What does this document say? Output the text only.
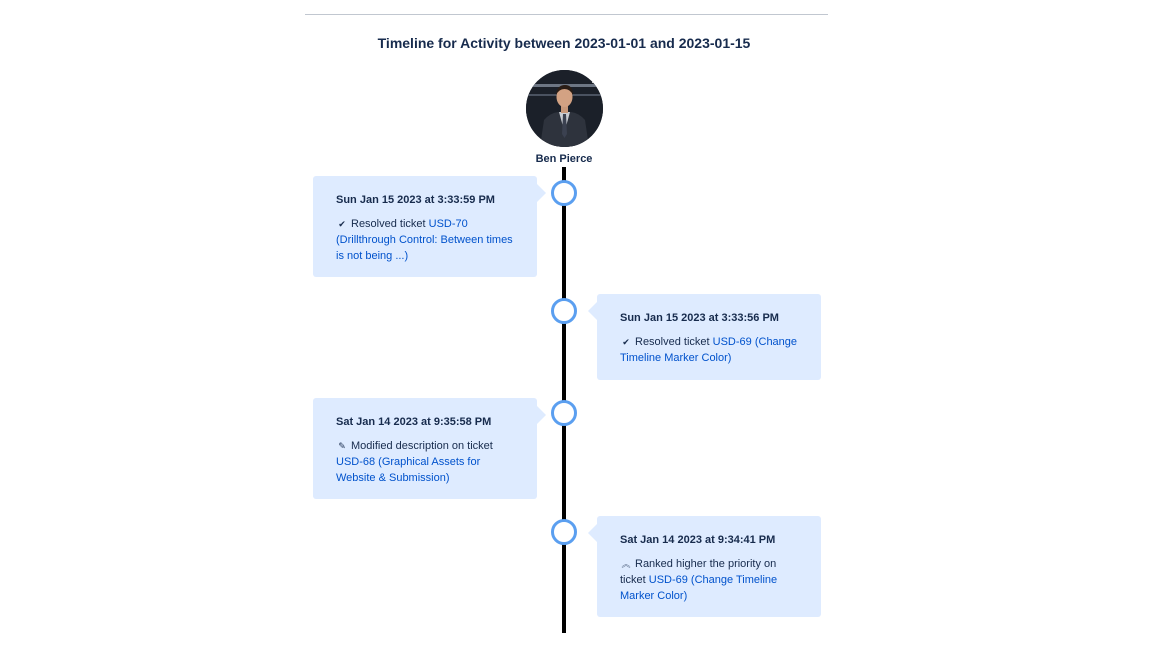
Timeline for Activity between 2023-01-01 and 2023-01-15
Ben Pierce
Sun Jan 15 2023 at 3:33:59 PM
✔ Resolved ticket USD-70 (Drillthrough Control: Between times is not being ...)
Sun Jan 15 2023 at 3:33:56 PM
✔ Resolved ticket USD-69 (Change Timeline Marker Color)
Sat Jan 14 2023 at 9:35:58 PM
✎ Modified description on ticket USD-68 (Graphical Assets for Website & Submission)
Sat Jan 14 2023 at 9:34:41 PM
︽ Ranked higher the priority on ticket USD-69 (Change Timeline Marker Color)
